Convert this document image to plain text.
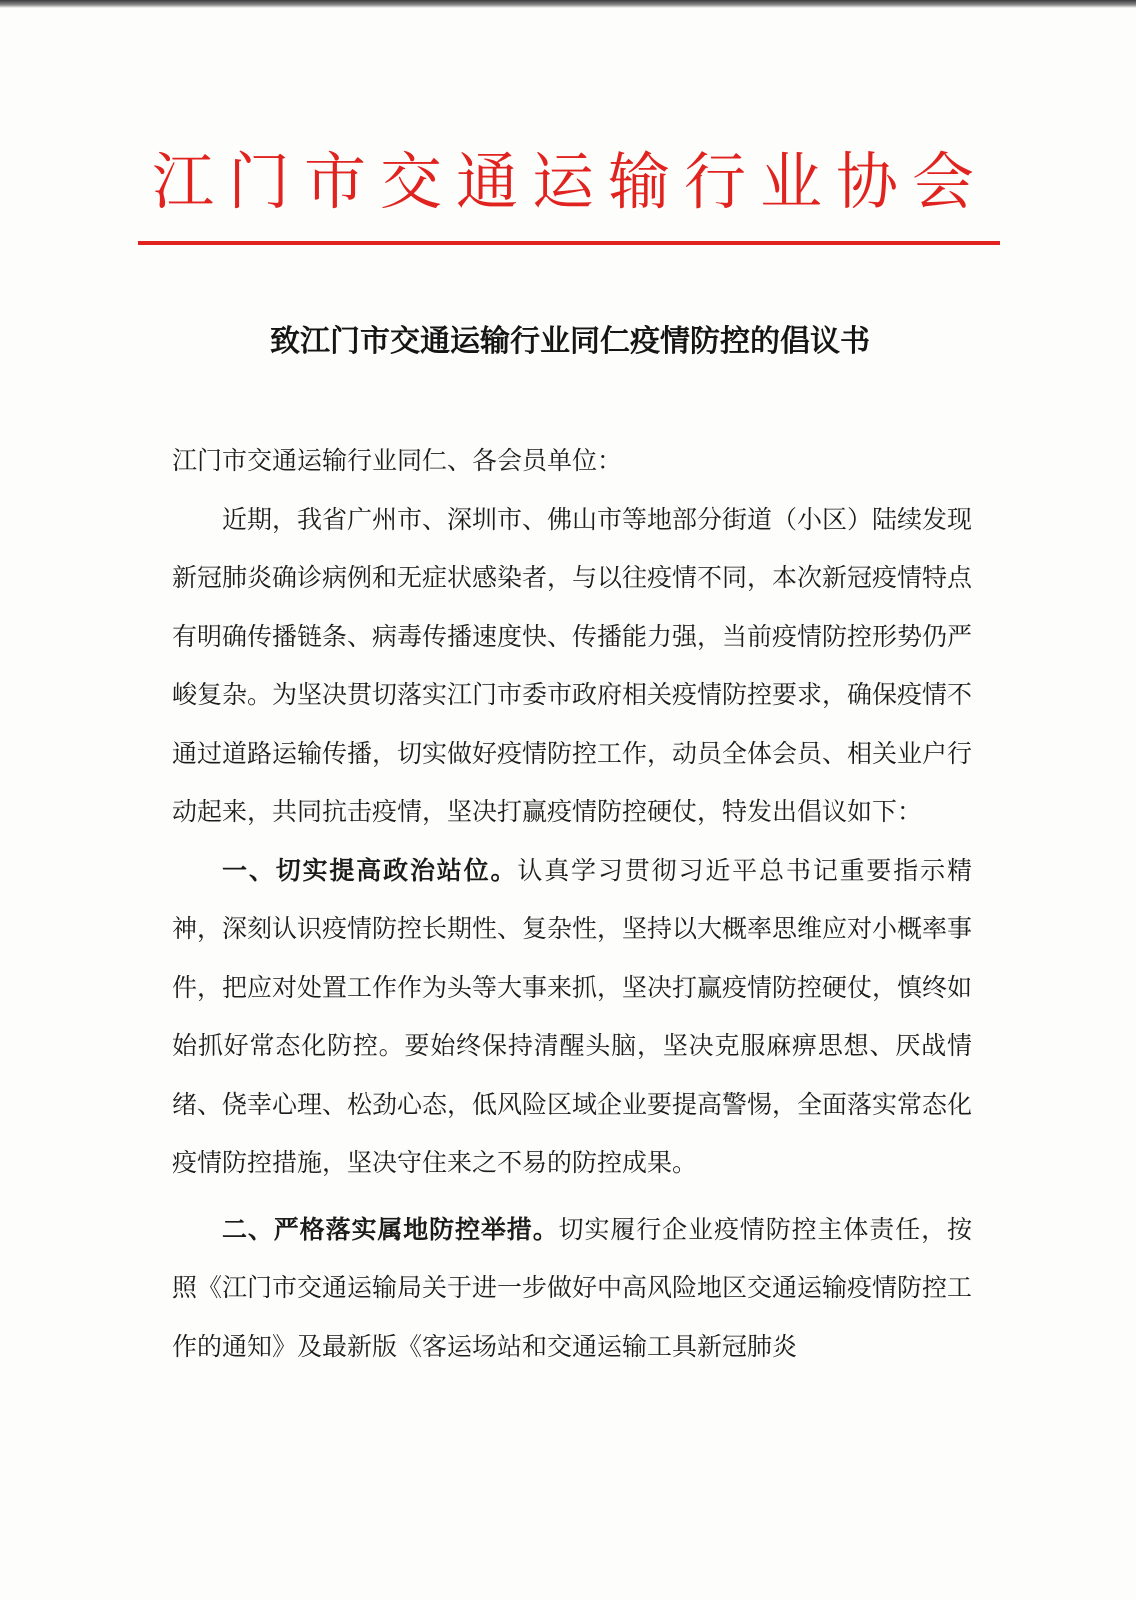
江门市交通运输行业协会
致江门市交通运输行业同仁疫情防控的倡议书

江门市交通运输行业同仁、各会员单位：

近期，我省广州市、深圳市、佛山市等地部分街道（小区）陆续发现新冠肺炎确诊病例和无症状感染者，与以往疫情不同，本次新冠疫情特点有明确传播链条、病毒传播速度快、传播能力强，当前疫情防控形势仍严峻复杂。为坚决贯切落实江门市委市政府相关疫情防控要求，确保疫情不通过道路运输传播，切实做好疫情防控工作，动员全体会员、相关业户行动起来，共同抗击疫情，坚决打赢疫情防控硬仗，特发出倡议如下：

一、切实提高政治站位。认真学习贯彻习近平总书记重要指示精神，深刻认识疫情防控长期性、复杂性，坚持以大概率思维应对小概率事件，把应对处置工作作为头等大事来抓，坚决打赢疫情防控硬仗，慎终如始抓好常态化防控。要始终保持清醒头脑，坚决克服麻痹思想、厌战情绪、侥幸心理、松劲心态，低风险区域企业要提高警惕，全面落实常态化疫情防控措施，坚决守住来之不易的防控成果。

二、严格落实属地防控举措。切实履行企业疫情防控主体责任，按照《江门市交通运输局关于进一步做好中高风险地区交通运输疫情防控工作的通知》及最新版《客运场站和交通运输工具新冠肺炎
